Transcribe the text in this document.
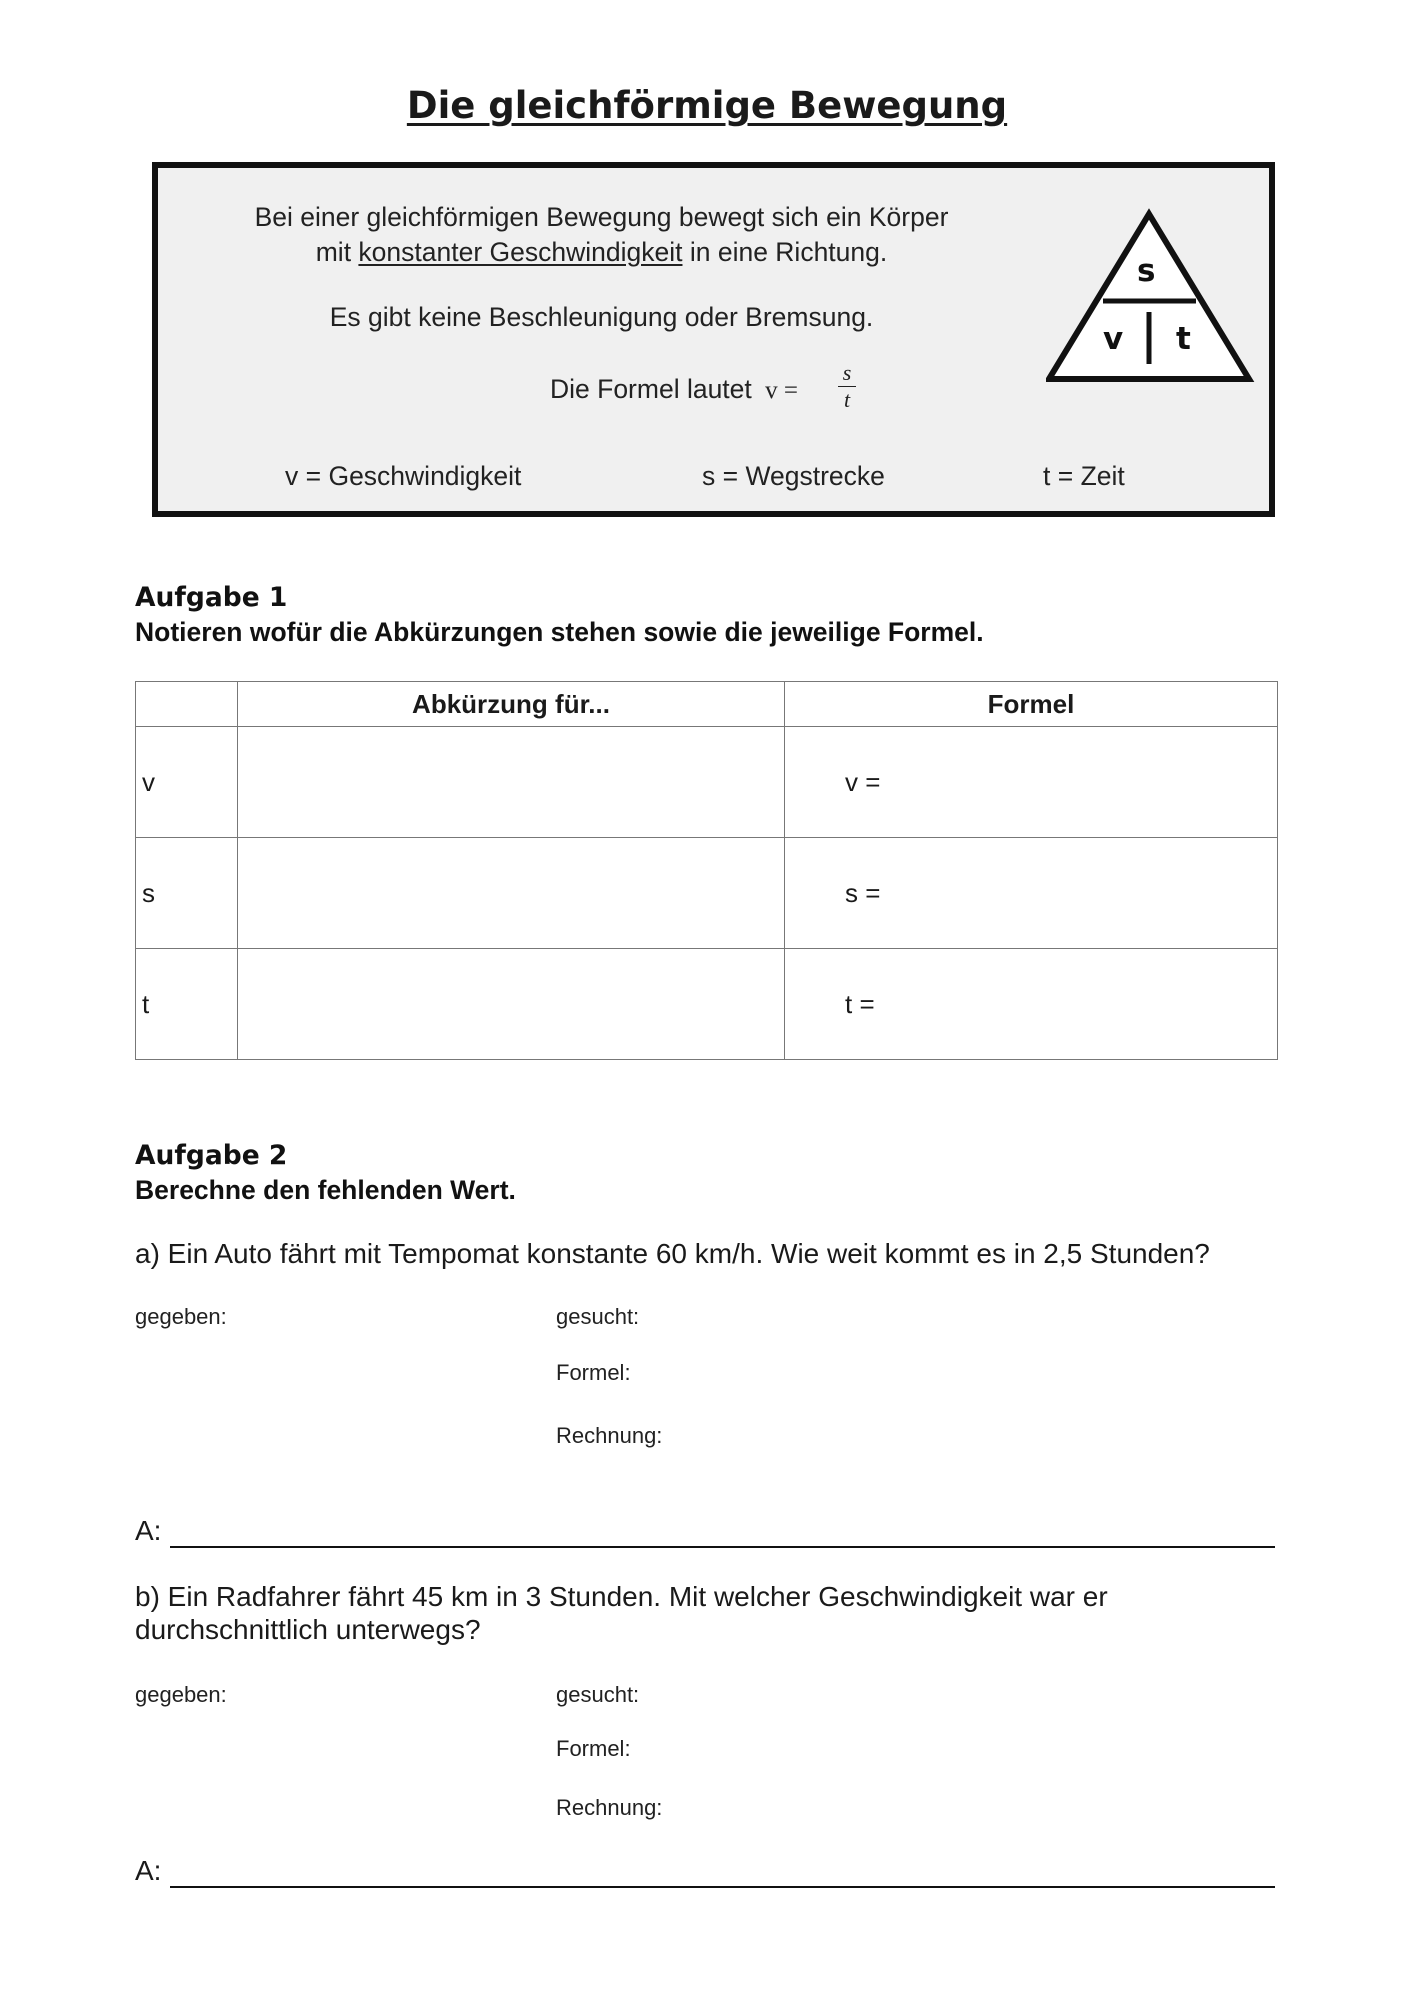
Die gleichförmige Bewegung
Bei einer gleichförmigen Bewegung bewegt sich ein Körper
mit konstanter Geschwindigkeit in eine Richtung.
Es gibt keine Beschleunigung oder Bremsung.
Die Formel lautet v =
s
t
v = Geschwindigkeit	s = Wegstrecke	t = Zeit
s
v t
Aufgabe 1
Notieren wofür die Abkürzungen stehen sowie die jeweilige Formel.
	Abkürzung für...	Formel
v		v =
s		s =
t		t =
Aufgabe 2
Berechne den fehlenden Wert.
a) Ein Auto fährt mit Tempomat konstante 60 km/h. Wie weit kommt es in 2,5 Stunden?
gegeben:	gesucht:
Formel:
Rechnung:
A:
b) Ein Radfahrer fährt 45 km in 3 Stunden. Mit welcher Geschwindigkeit war er
durchschnittlich unterwegs?
gegeben:	gesucht:
Formel:
Rechnung:
A:
